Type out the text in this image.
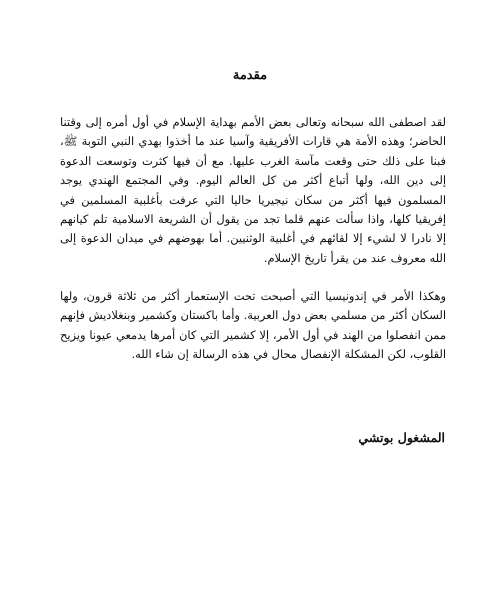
مقدمة

لقد اصطفى الله سبحانه وتعالى بعض الأمم بهداية الإسلام في أول أمره إلى وقتنا الحاضر؛ وهذه الأمة هي قارات الأفريقية وآسيا عند ما أخذوا بهدي النبي التوبة ﷺ، فبنا على ذلك حتى وقعت مآسة الغرب عليها. مع أن فيها كثرت وتوسعت الدعوة إلى دين الله، ولها أتباع أكثر من كل العالم اليوم. وفي المجتمع الهندي يوجد المسلمون فيها أكثر من سكان نيجيريا حاليا التي عرفت بأغلبية المسلمين في إفريقيا كلها، واذا سألت عنهم قلما تجد من يقول أن الشريعة الاسلامية تلم كيانهم إلا نادرا لا لشيء إلا لقائهم في أغلبية الوثنيين. أما بهوضهم في ميدان الدعوة إلى الله معروف عند من يقرأ تاريخ الإسلام.

وهكذا الأمر في إندونيسيا التي أصبحت تحت الإستعمار أكثر من ثلاثة قرون، ولها السكان أكثر من مسلمي بعض دول العربية. وأما باكستان وكشمير وبنغلاديش فإنهم ممن انفصلوا من الهند في أول الأمر، إلا كشمير التي كان أمرها يدمعي عيونا ويزيح القلوب، لكن المشكلة الإنفصال محال في هذه الرسالة إن شاء الله.

المشغول بوتشي
